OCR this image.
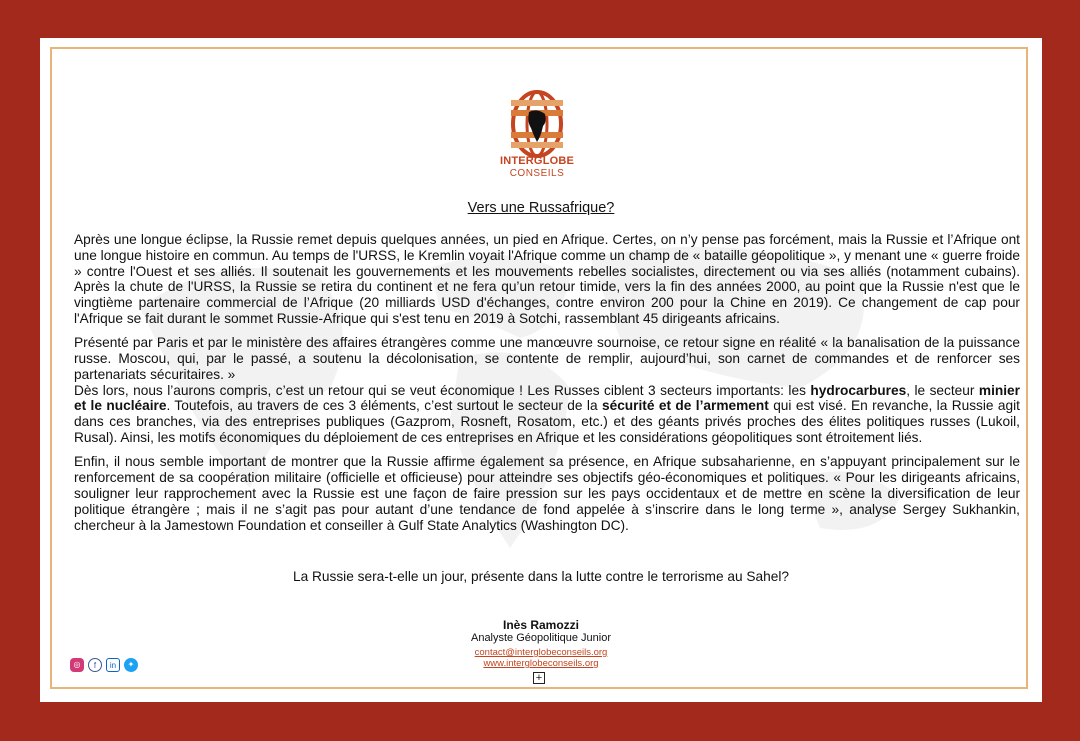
INTERGLOBE
CONSEILS
Vers une Russafrique?

Après une longue éclipse, la Russie remet depuis quelques années, un pied en Afrique. Certes, on n’y pense pas forcément, mais la Russie et l’Afrique ont une longue histoire en commun. Au temps de l'URSS, le Kremlin voyait l'Afrique comme un champ de « bataille géopolitique », y menant une « guerre froide » contre l'Ouest et ses alliés. Il soutenait les gouvernements et les mouvements rebelles socialistes, directement ou via ses alliés (notamment cubains). Après la chute de l'URSS, la Russie se retira du continent et ne fera qu’un retour timide, vers la fin des années 2000, au point que la Russie n'est que le vingtième partenaire commercial de l’Afrique (20 milliards USD d'échanges, contre environ 200 pour la Chine en 2019). Ce changement de cap pour l'Afrique se fait durant le sommet Russie-Afrique qui s'est tenu en 2019 à Sotchi, rassemblant 45 dirigeants africains.

Présenté par Paris et par le ministère des affaires étrangères comme une manœuvre sournoise, ce retour signe en réalité « la banalisation de la puissance russe. Moscou, qui, par le passé, a soutenu la décolonisation, se contente de remplir, aujourd’hui, son carnet de commandes et de renforcer ses partenariats sécuritaires. »

Dès lors, nous l’aurons compris, c’est un retour qui se veut économique ! Les Russes ciblent 3 secteurs importants: les hydrocarbures, le secteur minier et le nucléaire. Toutefois, au travers de ces 3 éléments, c’est surtout le secteur de la sécurité et de l’armement qui est visé. En revanche, la Russie agit dans ces branches, via des entreprises publiques (Gazprom, Rosneft, Rosatom, etc.) et des géants privés proches des élites politiques russes (Lukoil, Rusal). Ainsi, les motifs économiques du déploiement de ces entreprises en Afrique et les considérations géopolitiques sont étroitement liés.

Enfin, il nous semble important de montrer que la Russie affirme également sa présence, en Afrique subsaharienne, en s’appuyant principalement sur le renforcement de sa coopération militaire (officielle et officieuse) pour atteindre ses objectifs géo-économiques et politiques. « Pour les dirigeants africains, souligner leur rapprochement avec la Russie est une façon de faire pression sur les pays occidentaux et de mettre en scène la diversification de leur politique étrangère ; mais il ne s’agit pas pour autant d’une tendance de fond appelée à s’inscrire dans le long terme », analyse Sergey Sukhankin, chercheur à la Jamestown Foundation et conseiller à Gulf State Analytics (Washington DC).

La Russie sera-t-elle un jour, présente dans la lutte contre le terrorisme au Sahel?
Inès Ramozzi
Analyste Géopolitique Junior
contact@interglobeconseils.org
www.interglobeconseils.org
+
◎	f	in	✦
